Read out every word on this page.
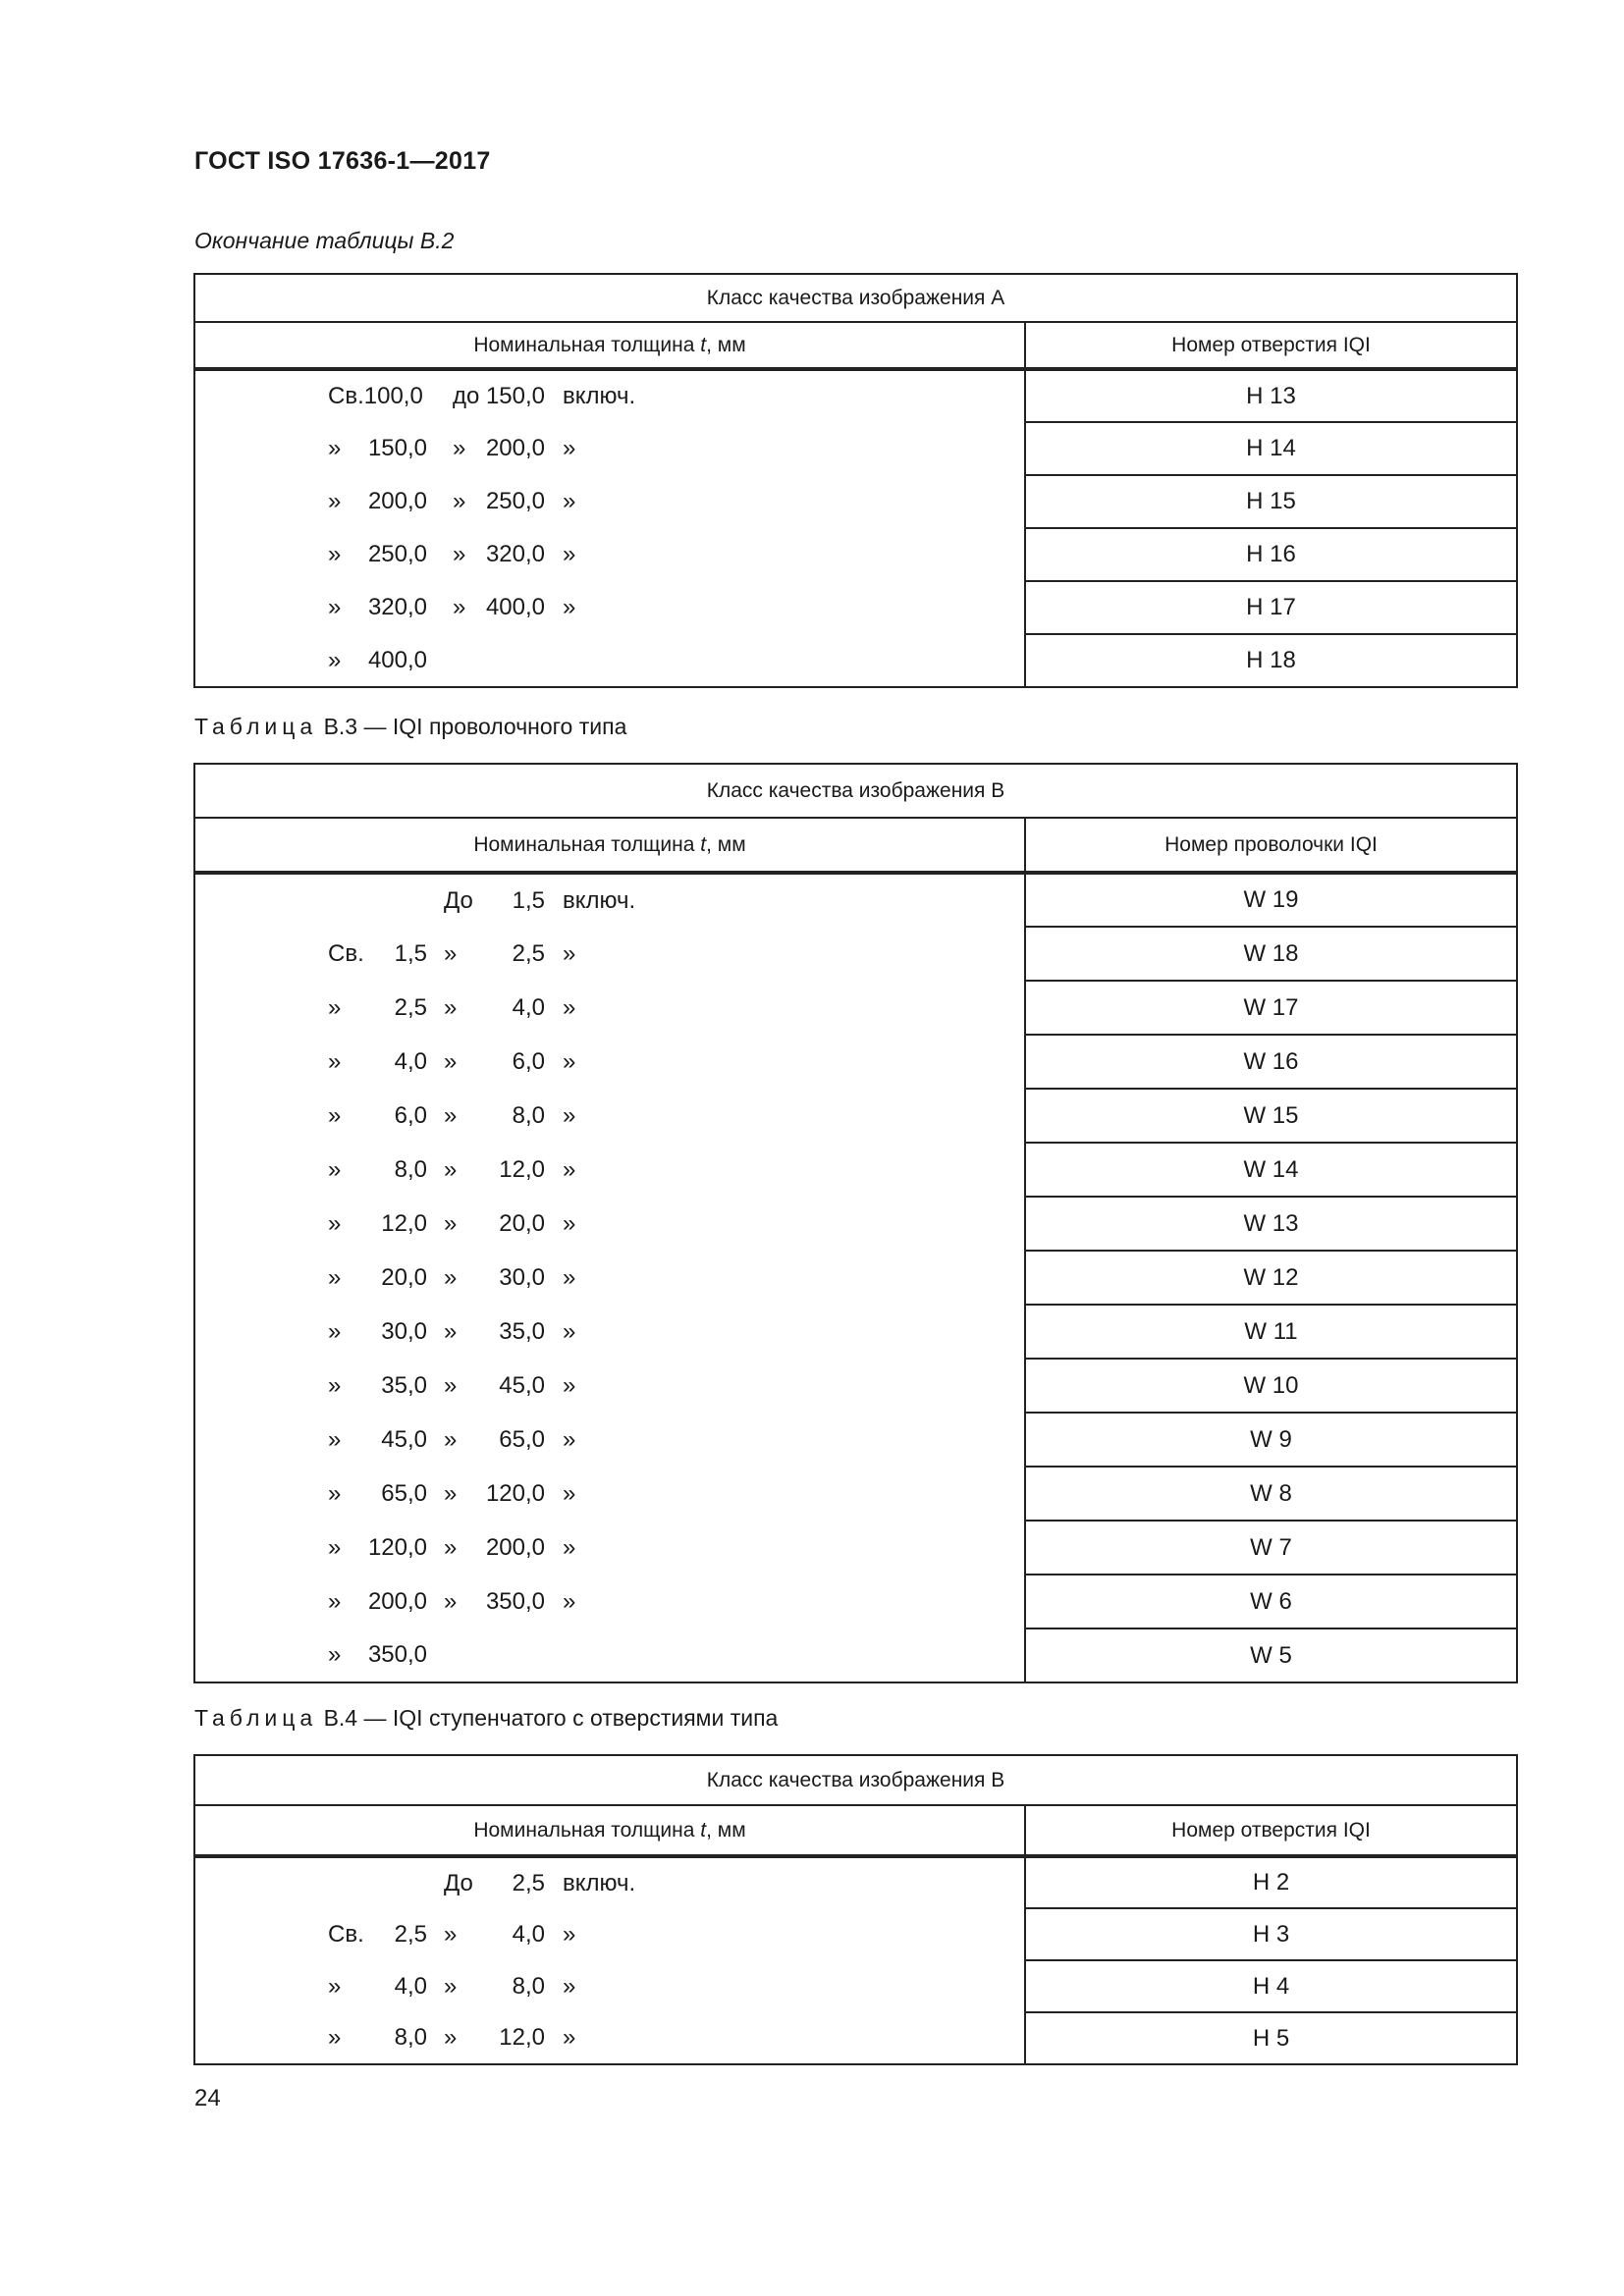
ГОСТ ISO 17636-1—2017
Окончание таблицы В.2
Класс качества изображения А	
Номинальная толщина t, мм	Номер отверстия IQI

Св.100,0 до 150,0 включ.	H 13

» 150,0 » 200,0 »	H 14

» 200,0 » 250,0 »	H 15

» 250,0 » 320,0 »	H 16

» 320,0 » 400,0 »	H 17

» 400,0	H 18
Таблица В.3 — IQI проволочного типа
Класс качества изображения В	
Номинальная толщина t, мм	Номер проволочки IQI

До 1,5 включ.	W 19

Св. 1,5 » 2,5 »	W 18

» 2,5 » 4,0 »	W 17

» 4,0 » 6,0 »	W 16

» 6,0 » 8,0 »	W 15

» 8,0 » 12,0 »	W 14

» 12,0 » 20,0 »	W 13

» 20,0 » 30,0 »	W 12

» 30,0 » 35,0 »	W 11

» 35,0 » 45,0 »	W 10

» 45,0 » 65,0 »	W 9

» 65,0 » 120,0 »	W 8

» 120,0 » 200,0 »	W 7

» 200,0 » 350,0 »	W 6

» 350,0	W 5
Таблица В.4 — IQI ступенчатого с отверстиями типа
Класс качества изображения В	
Номинальная толщина t, мм	Номер отверстия IQI

До 2,5 включ.	H 2

Св. 2,5 » 4,0 »	H 3

» 4,0 » 8,0 »	H 4

» 8,0 » 12,0 »	H 5
24
